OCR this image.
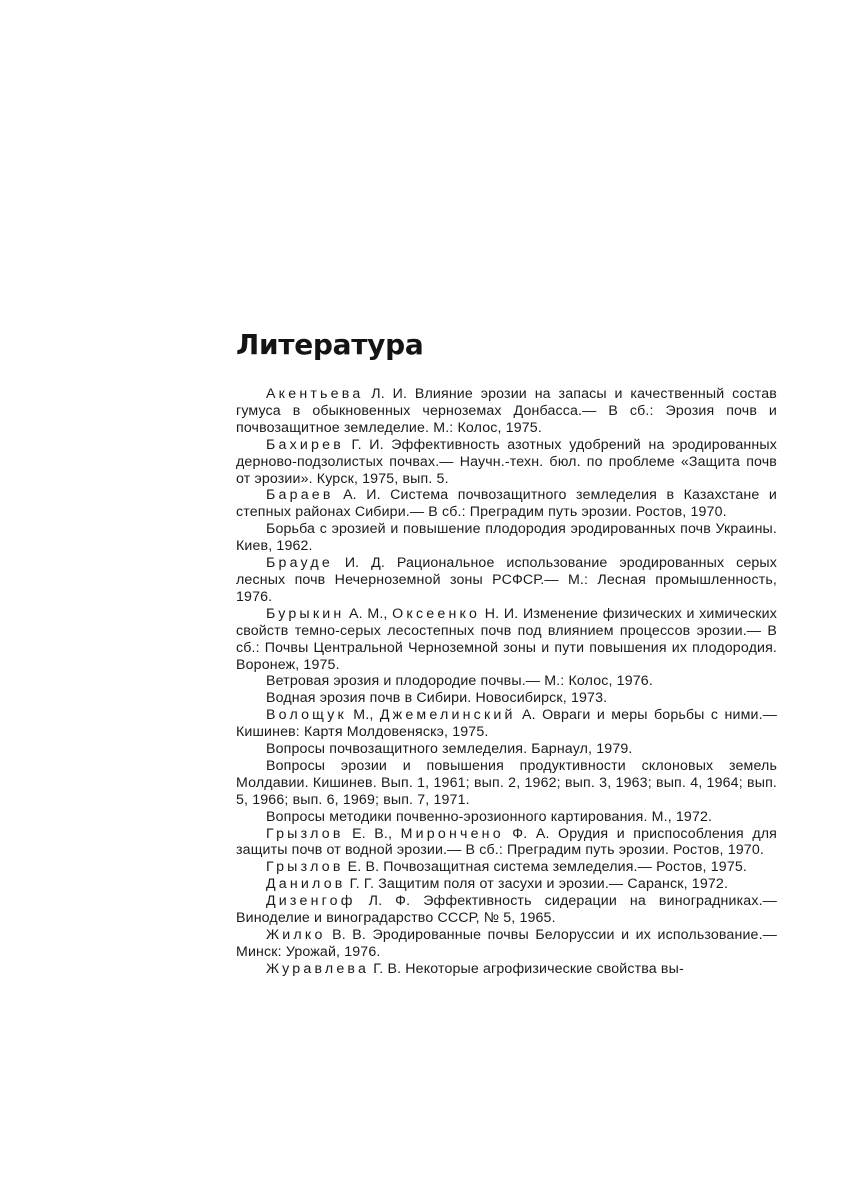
Литература
Акентьева Л. И. Влияние эрозии на запасы и качественный состав гумуса в обыкновенных черноземах Донбасса.— В сб.: Эрозия почв и почвозащитное земледелие. М.: Колос, 1975.
Бахирев Г. И. Эффективность азотных удобрений на эродированных дерново-подзолистых почвах.— Научн.-техн. бюл. по проблеме «Защита почв от эрозии». Курск, 1975, вып. 5.
Бараев А. И. Система почвозащитного земледелия в Казахстане и степных районах Сибири.— В сб.: Преградим путь эрозии. Ростов, 1970.
Борьба с эрозией и повышение плодородия эродированных почв Украины. Киев, 1962.
Брауде И. Д. Рациональное использование эродированных серых лесных почв Нечерноземной зоны РСФСР.— М.: Лесная промышленность, 1976.
Бурыкин А. М., Оксеенко Н. И. Изменение физических и химических свойств темно-серых лесостепных почв под влиянием процессов эрозии.— В сб.: Почвы Центральной Черноземной зоны и пути повышения их плодородия. Воронеж, 1975.
Ветровая эрозия и плодородие почвы.— М.: Колос, 1976.
Водная эрозия почв в Сибири. Новосибирск, 1973.
Волощук М., Джемелинский А. Овраги и меры борьбы с ними.— Кишинев: Картя Молдовеняскэ, 1975.
Вопросы почвозащитного земледелия. Барнаул, 1979.
Вопросы эрозии и повышения продуктивности склоновых земель Молдавии. Кишинев. Вып. 1, 1961; вып. 2, 1962; вып. 3, 1963; вып. 4, 1964; вып. 5, 1966; вып. 6, 1969; вып. 7, 1971.
Вопросы методики почвенно-эрозионного картирования. М., 1972.
Грызлов Е. В., Мирончено Ф. А. Орудия и приспособления для защиты почв от водной эрозии.— В сб.: Преградим путь эрозии. Ростов, 1970.
Грызлов Е. В. Почвозащитная система земледелия.— Ростов, 1975.
Данилов Г. Г. Защитим поля от засухи и эрозии.— Саранск, 1972.
Дизенгоф Л. Ф. Эффективность сидерации на виноградниках.— Виноделие и виноградарство СССР, № 5, 1965.
Жилко В. В. Эродированные почвы Белоруссии и их использование.— Минск: Урожай, 1976.
Журавлева Г. В. Некоторые агрофизические свойства вы-
